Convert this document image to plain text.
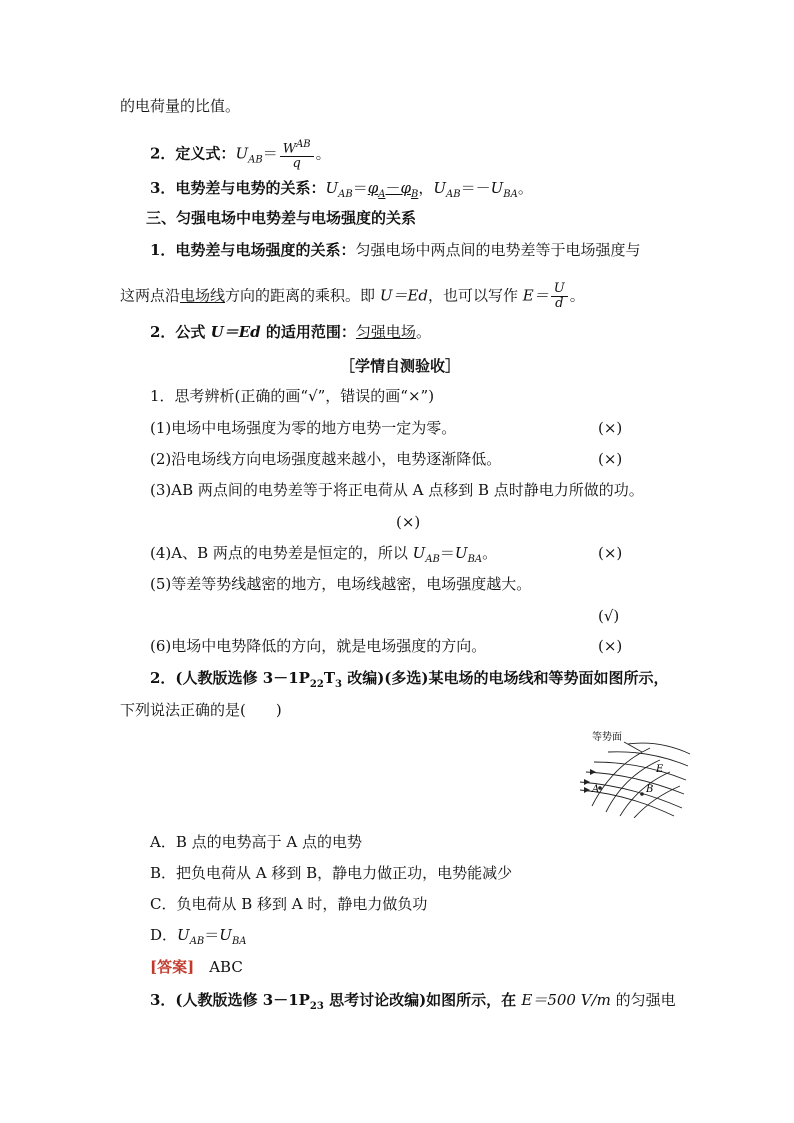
的电荷量的比值。
2．定义式：$U_{AB}= \frac{W^{AB}}{q}$ 。
3．电势差与电势的关系：$U_{AB}=\varphi_A-\varphi_B$，$U_{AB}=-U_{BA}$。
三、匀强电场中电势差与电场强度的关系
1．电势差与电场强度的关系：匀强电场中两点间的电势差等于电场强度与
这两点沿电场线方向的距离的乘积。即 U＝Ed，也可以写作 $E= \frac{U}{d}$ 。
2．公式 U＝Ed 的适用范围：匀强电场。
［学情自测验收］
1．思考辨析(正确的画“√”，错误的画“×”)
(1)电场中电场强度为零的地方电势一定为零。	(×)
(2)沿电场线方向电场强度越来越小，电势逐渐降低。	(×)
(3)AB 两点间的电势差等于将正电荷从 A 点移到 B 点时静电力所做的功。
(×)
(4)A、B 两点的电势差是恒定的，所以 $U_{AB}=U_{BA}$。	(×)
(5)等差等势线越密的地方，电场线越密，电场强度越大。
(√)
(6)电场中电势降低的方向，就是电场强度的方向。	(×)
2．(人教版选修 $3-1P_{22}T_3$ 改编)(多选)某电场的电场线和等势面如图所示，
下列说法正确的是(　　)
等势面
E
A	B
A．B 点的电势高于 A 点的电势
B．把负电荷从 A 移到 B，静电力做正功，电势能减少
C．负电荷从 B 移到 A 时，静电力做负功
D．$U_{AB}=U_{BA}$
[答案]　 ABC
3．(人教版选修 $3-1P_{23}$ 思考讨论改编)如图所示，在 E＝500 V/m 的匀强电
